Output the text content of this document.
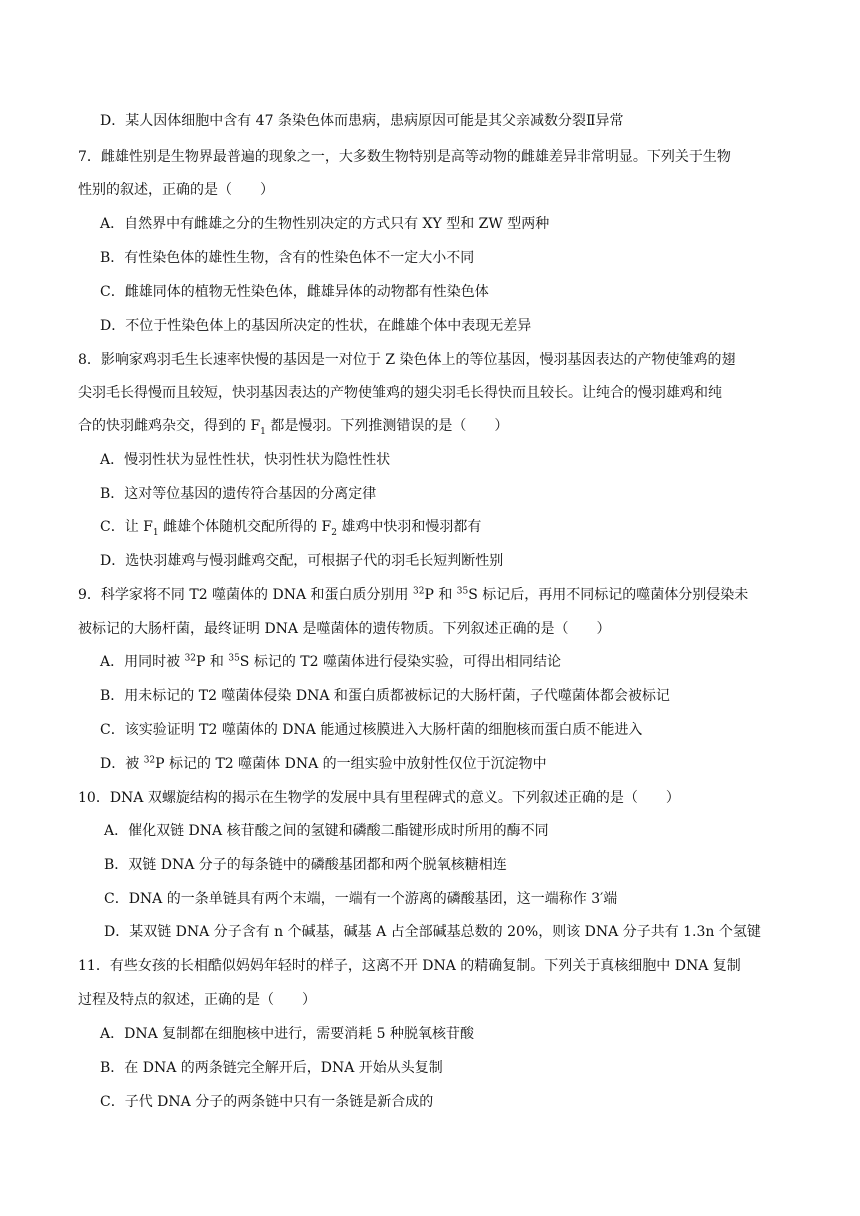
D．某人因体细胞中含有 47 条染色体而患病，患病原因可能是其父亲减数分裂Ⅱ异常
7．雌雄性别是生物界最普遍的现象之一，大多数生物特别是高等动物的雌雄差异非常明显。下列关于生物
性别的叙述，正确的是（　　）
A．自然界中有雌雄之分的生物性别决定的方式只有 XY 型和 ZW 型两种
B．有性染色体的雄性生物，含有的性染色体不一定大小不同
C．雌雄同体的植物无性染色体，雌雄异体的动物都有性染色体
D．不位于性染色体上的基因所决定的性状，在雌雄个体中表现无差异
8．影响家鸡羽毛生长速率快慢的基因是一对位于 Z 染色体上的等位基因，慢羽基因表达的产物使雏鸡的翅
尖羽毛长得慢而且较短，快羽基因表达的产物使雏鸡的翅尖羽毛长得快而且较长。让纯合的慢羽雄鸡和纯
合的快羽雌鸡杂交，得到的 $F_1$ 都是慢羽。下列推测错误的是（　　）
A．慢羽性状为显性性状，快羽性状为隐性性状
B．这对等位基因的遗传符合基因的分离定律
C．让 $F_1$ 雌雄个体随机交配所得的 $F_2$ 雄鸡中快羽和慢羽都有
D．选快羽雄鸡与慢羽雌鸡交配，可根据子代的羽毛长短判断性别
9．科学家将不同 T2 噬菌体的 DNA 和蛋白质分别用 $^{32}$P 和 $^{35}$S 标记后，再用不同标记的噬菌体分别侵染未
被标记的大肠杆菌，最终证明 DNA 是噬菌体的遗传物质。下列叙述正确的是（　　）
A．用同时被 $^{32}$P 和 $^{35}$S 标记的 T2 噬菌体进行侵染实验，可得出相同结论
B．用未标记的 T2 噬菌体侵染 DNA 和蛋白质都被标记的大肠杆菌，子代噬菌体都会被标记
C．该实验证明 T2 噬菌体的 DNA 能通过核膜进入大肠杆菌的细胞核而蛋白质不能进入
D．被 $^{32}$P 标记的 T2 噬菌体 DNA 的一组实验中放射性仅位于沉淀物中
10．DNA 双螺旋结构的揭示在生物学的发展中具有里程碑式的意义。下列叙述正确的是（　　）
A．催化双链 DNA 核苷酸之间的氢键和磷酸二酯键形成时所用的酶不同
B．双链 DNA 分子的每条链中的磷酸基团都和两个脱氧核糖相连
C．DNA 的一条单链具有两个末端，一端有一个游离的磷酸基团，这一端称作 3′端
D．某双链 DNA 分子含有 n 个碱基，碱基 A 占全部碱基总数的 20%，则该 DNA 分子共有 1.3n 个氢键
11．有些女孩的长相酷似妈妈年轻时的样子，这离不开 DNA 的精确复制。下列关于真核细胞中 DNA 复制
过程及特点的叙述，正确的是（　　）
A．DNA 复制都在细胞核中进行，需要消耗 5 种脱氧核苷酸
B．在 DNA 的两条链完全解开后，DNA 开始从头复制
C．子代 DNA 分子的两条链中只有一条链是新合成的
